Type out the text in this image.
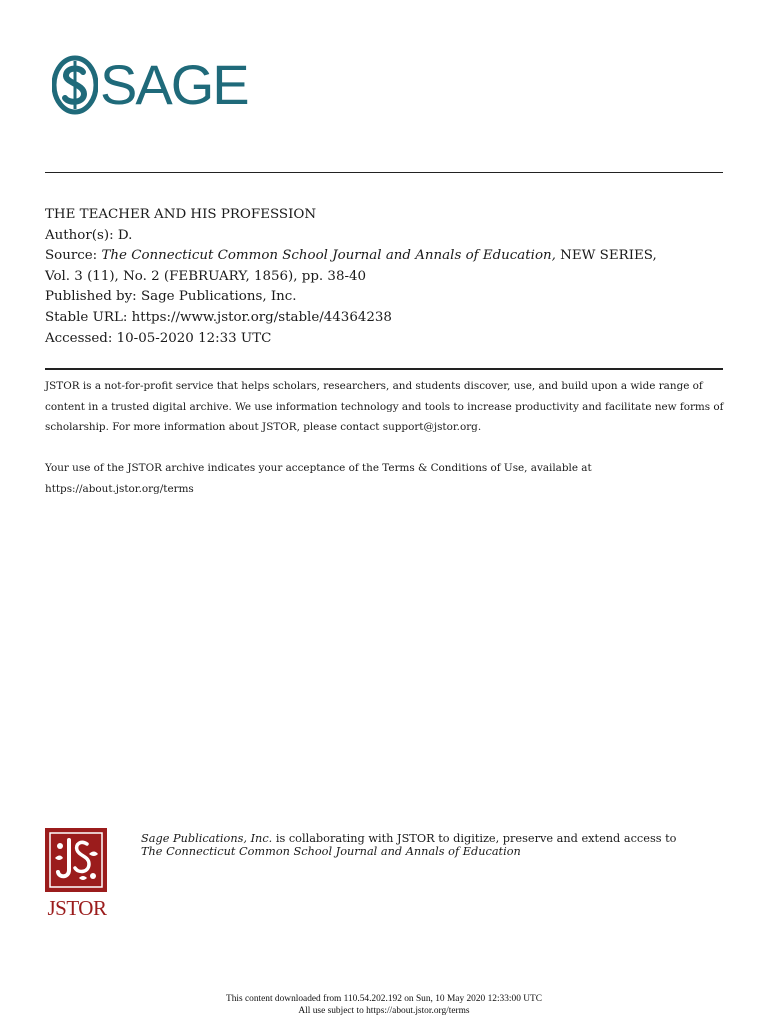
SAGE
THE TEACHER AND HIS PROFESSION
Author(s): D.
Source: The Connecticut Common School Journal and Annals of Education, NEW SERIES,
Vol. 3 (11), No. 2 (FEBRUARY, 1856), pp. 38-40
Published by: Sage Publications, Inc.
Stable URL: https://www.jstor.org/stable/44364238
Accessed: 10-05-2020 12:33 UTC

JSTOR is a not-for-profit service that helps scholars, researchers, and students discover, use, and build upon a wide range of content in a trusted digital archive. We use information technology and tools to increase productivity and facilitate new forms of scholarship. For more information about JSTOR, please contact support@jstor.org.

Your use of the JSTOR archive indicates your acceptance of the Terms & Conditions of Use, available at https://about.jstor.org/terms

JSTOR
Sage Publications, Inc. is collaborating with JSTOR to digitize, preserve and extend access to
The Connecticut Common School Journal and Annals of Education
This content downloaded from 110.54.202.192 on Sun, 10 May 2020 12:33:00 UTC
All use subject to https://about.jstor.org/terms
